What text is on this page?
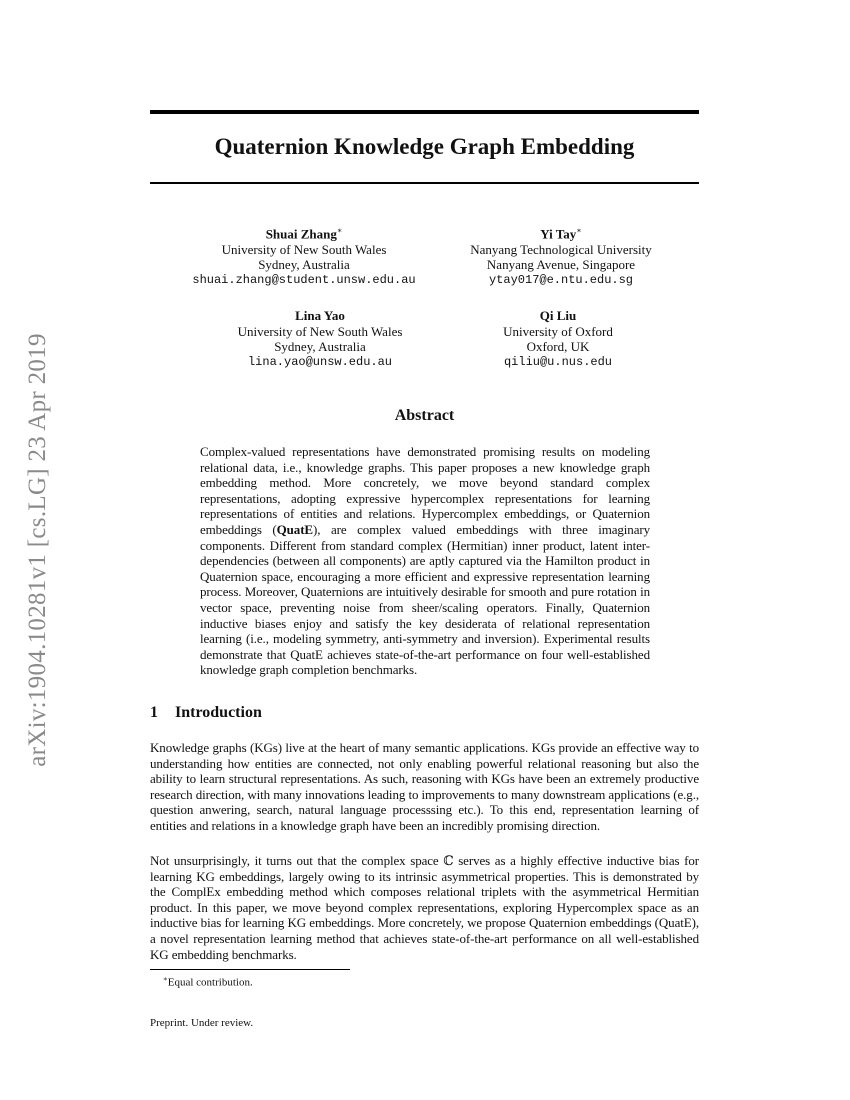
arXiv:1904.10281v1 [cs.LG] 23 Apr 2019
Quaternion Knowledge Graph Embedding
Shuai Zhang∗
University of New South Wales
Sydney, Australia
shuai.zhang@student.unsw.edu.au
Yi Tay∗
Nanyang Technological University
Nanyang Avenue, Singapore
ytay017@e.ntu.edu.sg
Lina Yao
University of New South Wales
Sydney, Australia
lina.yao@unsw.edu.au
Qi Liu
University of Oxford
Oxford, UK
qiliu@u.nus.edu
Abstract
Complex-valued representations have demonstrated promising results on modeling relational data, i.e., knowledge graphs. This paper proposes a new knowledge graph embedding method. More concretely, we move beyond standard complex representations, adopting expressive hypercomplex representations for learning representations of entities and relations. Hypercomplex embeddings, or Quaternion embeddings (QuatE), are complex valued embeddings with three imaginary components. Different from standard complex (Hermitian) inner product, latent inter-dependencies (between all components) are aptly captured via the Hamilton product in Quaternion space, encouraging a more efficient and expressive representation learning process. Moreover, Quaternions are intuitively desirable for smooth and pure rotation in vector space, preventing noise from sheer/scaling operators. Finally, Quaternion inductive biases enjoy and satisfy the key desiderata of relational representation learning (i.e., modeling symmetry, anti-symmetry and inversion). Experimental results demonstrate that QuatE achieves state-of-the-art performance on four well-established knowledge graph completion benchmarks.
1 Introduction

Knowledge graphs (KGs) live at the heart of many semantic applications. KGs provide an effective way to understanding how entities are connected, not only enabling powerful relational reasoning but also the ability to learn structural representations. As such, reasoning with KGs have been an extremely productive research direction, with many innovations leading to improvements to many downstream applications (e.g., question anwering, search, natural language processsing etc.). To this end, representation learning of entities and relations in a knowledge graph have been an incredibly promising direction.

Not unsurprisingly, it turns out that the complex space ℂ serves as a highly effective inductive bias for learning KG embeddings, largely owing to its intrinsic asymmetrical properties. This is demonstrated by the ComplEx embedding method which composes relational triplets with the asymmetrical Hermitian product. In this paper, we move beyond complex representations, exploring Hypercomplex space as an inductive bias for learning KG embeddings. More concretely, we propose Quaternion embeddings (QuatE), a novel representation learning method that achieves state-of-the-art performance on all well-established KG embedding benchmarks.

∗Equal contribution.
Preprint. Under review.
